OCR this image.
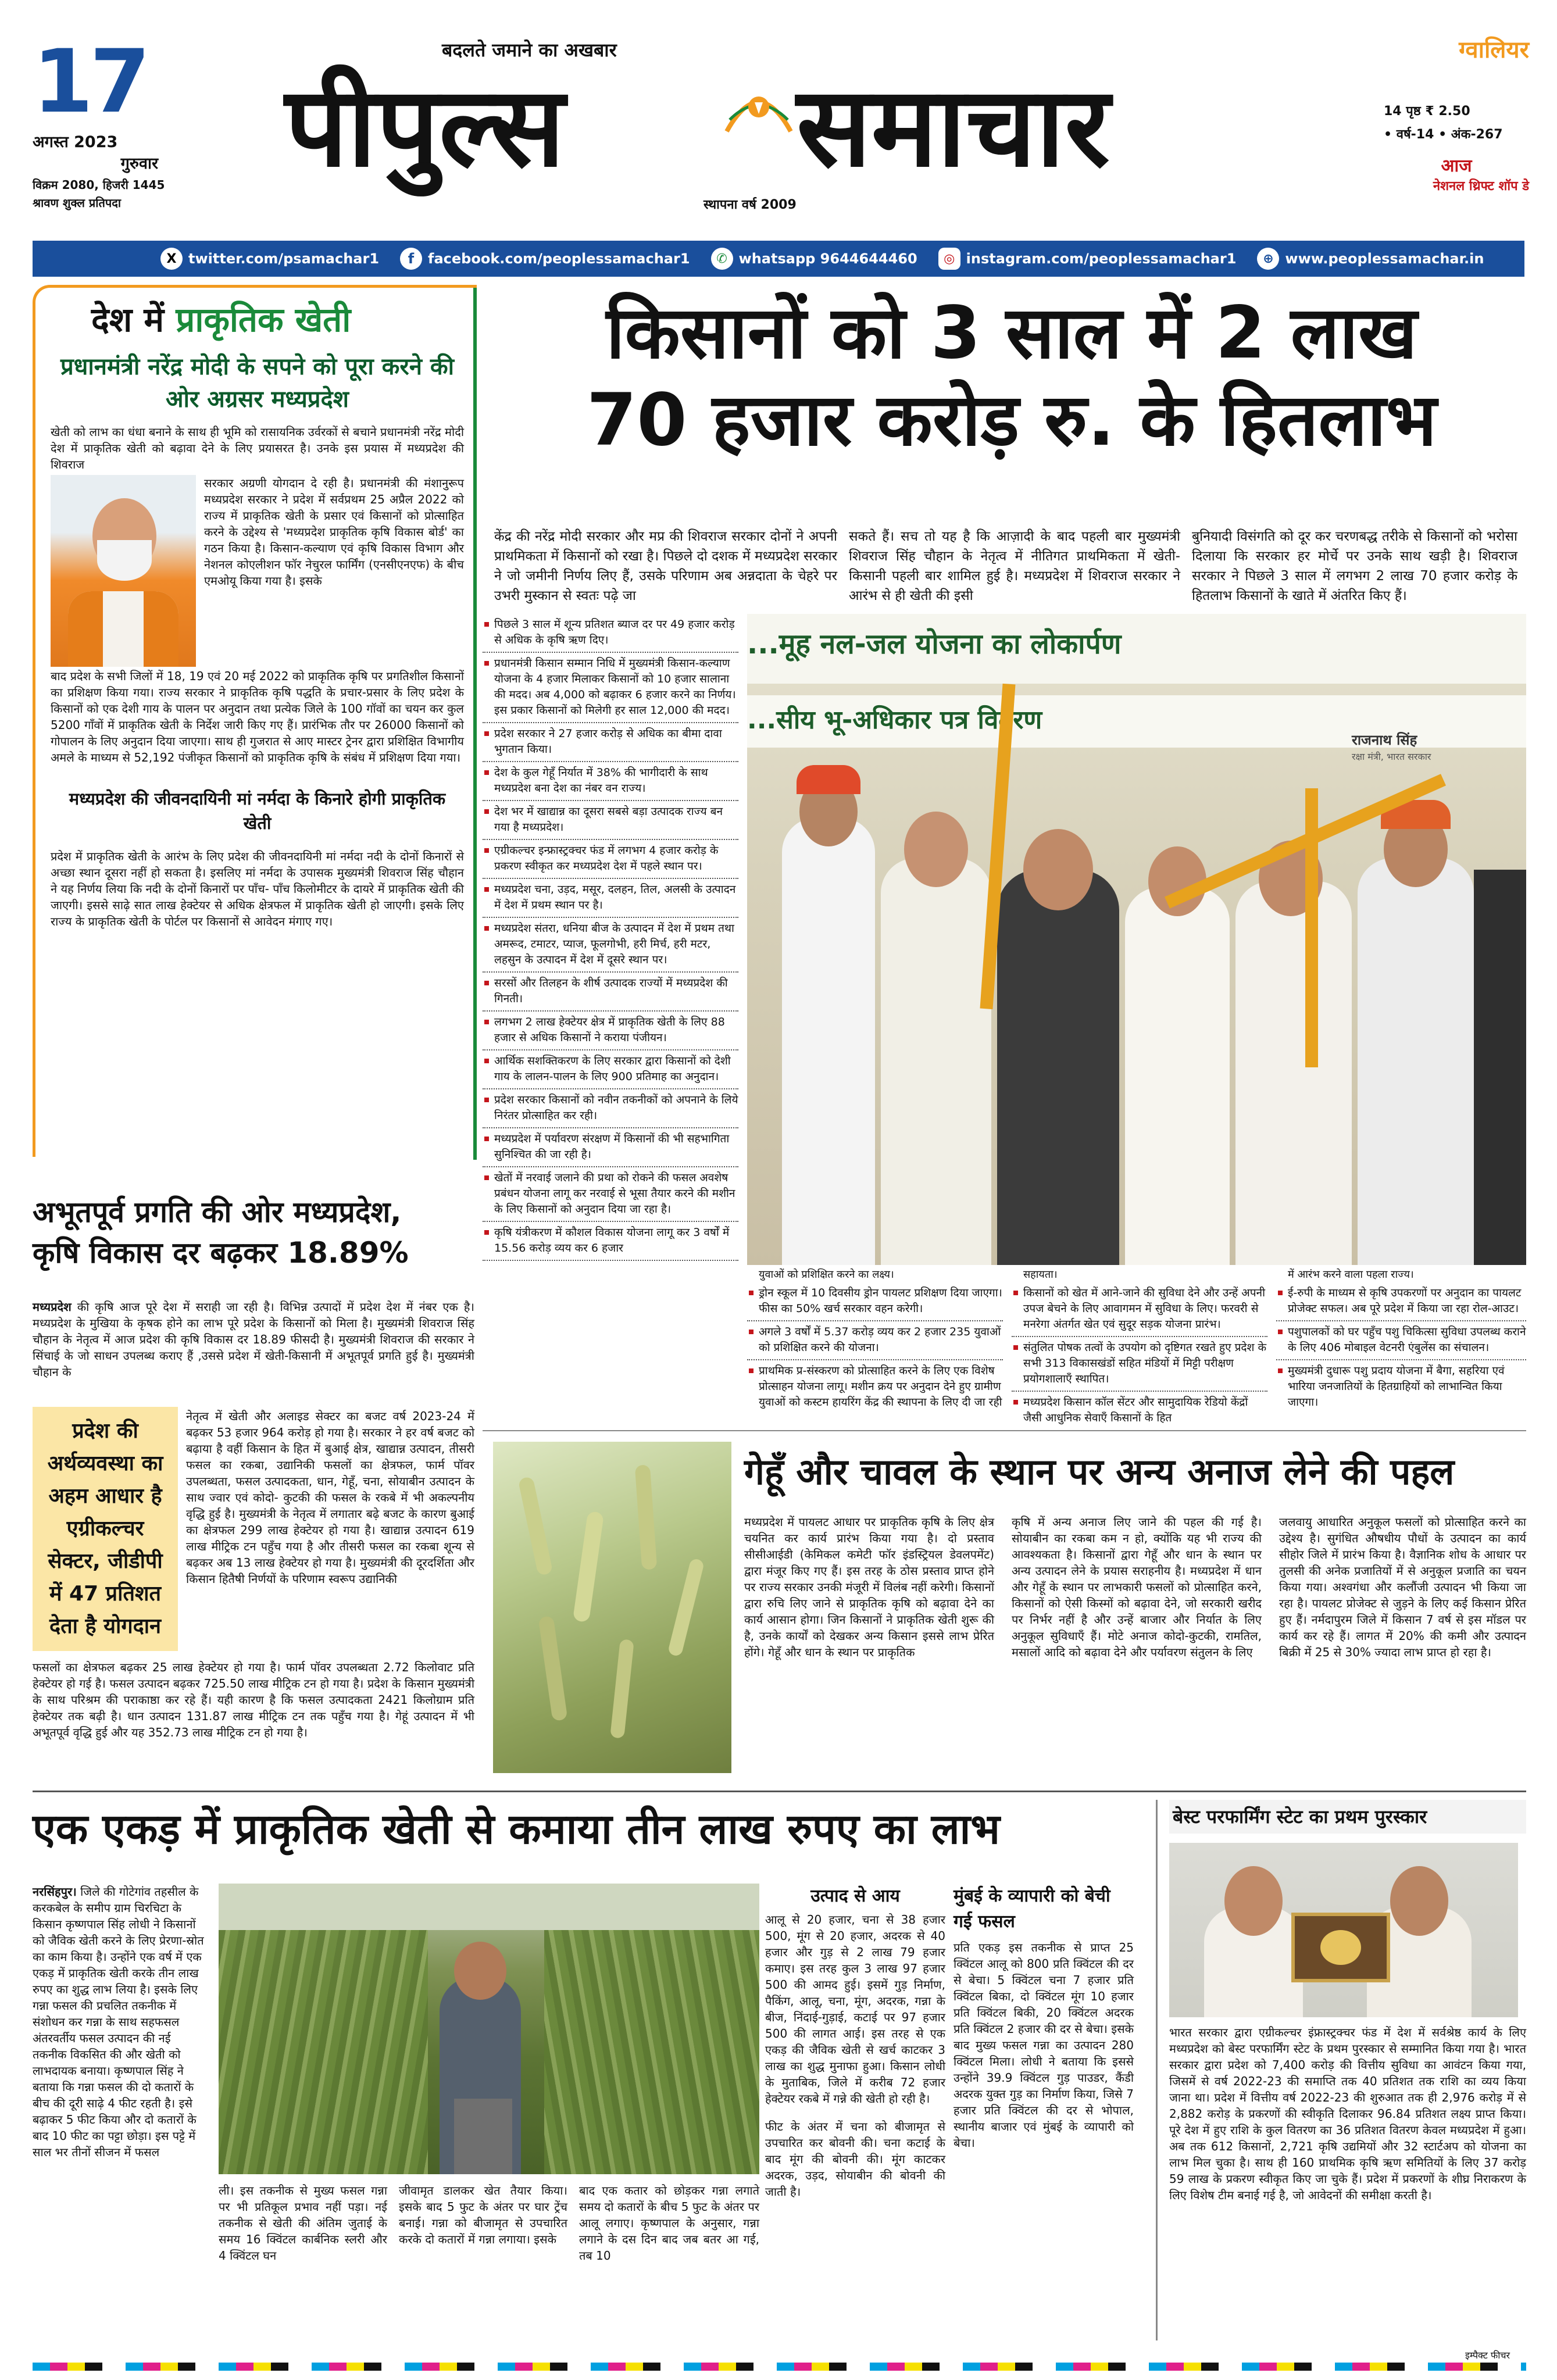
17
अगस्त 2023
गुरुवार
विक्रम 2080, हिजरी 1445
श्रावण शुक्ल प्रतिपदा
बदलते जमाने का अखबार
पीपुल्स समाचार
स्थापना वर्ष 2009
ग्वालियर
14 पृष्ठ ₹ 2.50
• वर्ष-14 • अंक-267
आज
नेशनल थ्रिफ्ट शॉप डे
X twitter.com/psamachar1	f facebook.com/peoplessamachar1	✆ whatsapp 9644644460	◎ instagram.com/peoplessamachar1	⊕ www.peoplessamachar.in
देश में प्राकृतिक खेती
प्रधानमंत्री नरेंद्र मोदी के सपने को पूरा करने की ओर अग्रसर मध्यप्रदेश

खेती को लाभ का धंधा बनाने के साथ ही भूमि को रासायनिक उर्वरकों से बचाने प्रधानमंत्री नरेंद्र मोदी देश में प्राकृतिक खेती को बढ़ावा देने के लिए प्रयासरत है। उनके इस प्रयास में मध्यप्रदेश की शिवराज

सरकार अग्रणी योगदान दे रही है। प्रधानमंत्री की मंशानुरूप मध्यप्रदेश सरकार ने प्रदेश में सर्वप्रथम 25 अप्रैल 2022 को राज्य में प्राकृतिक खेती के प्रसार एवं किसानों को प्रोत्साहित करने के उद्देश्य से 'मध्यप्रदेश प्राकृतिक कृषि विकास बोर्ड' का गठन किया है। किसान-कल्याण एवं कृषि विकास विभाग और नेशनल कोएलीशन फॉर नेचुरल फार्मिंग (एनसीएनएफ) के बीच एमओयू किया गया है। इसके

बाद प्रदेश के सभी जिलों में 18, 19 एवं 20 मई 2022 को प्राकृतिक कृषि पर प्रगतिशील किसानों का प्रशिक्षण किया गया। राज्य सरकार ने प्राकृतिक कृषि पद्धति के प्रचार-प्रसार के लिए प्रदेश के किसानों को एक देशी गाय के पालन पर अनुदान तथा प्रत्येक जिले के 100 गॉवों का चयन कर कुल 5200 गाँवों में प्राकृतिक खेती के निर्देश जारी किए गए हैं। प्रारंभिक तौर पर 26000 किसानों को गोपालन के लिए अनुदान दिया जाएगा। साथ ही गुजरात से आए मास्टर ट्रेनर द्वारा प्रशिक्षित विभागीय अमले के माध्यम से 52,192 पंजीकृत किसानों को प्राकृतिक कृषि के संबंध में प्रशिक्षण दिया गया।

मध्यप्रदेश की जीवनदायिनी मां नर्मदा के किनारे होगी प्राकृतिक खेती

प्रदेश में प्राकृतिक खेती के आरंभ के लिए प्रदेश की जीवनदायिनी मां नर्मदा नदी के दोनों किनारों से अच्छा स्थान दूसरा नहीं हो सकता है। इसलिए मां नर्मदा के उपासक मुख्यमंत्री शिवराज सिंह चौहान ने यह निर्णय लिया कि नदी के दोनों किनारों पर पाँच- पाँच किलोमीटर के दायरे में प्राकृतिक खेती की जाएगी। इससे साढ़े सात लाख हेक्टेयर से अधिक क्षेत्रफल में प्राकृतिक खेती हो जाएगी। इसके लिए राज्य के प्राकृतिक खेती के पोर्टल पर किसानों से आवेदन मंगाए गए।

किसानों को 3 साल में 2 लाख
70 हजार करोड़ रु. के हितलाभ

केंद्र की नरेंद्र मोदी सरकार और मप्र की शिवराज सरकार दोनों ने अपनी प्राथमिकता में किसानों को रखा है। पिछले दो दशक में मध्यप्रदेश सरकार ने जो जमीनी निर्णय लिए हैं, उसके परिणाम अब अन्नदाता के चेहरे पर उभरी मुस्कान से स्वतः पढ़े जा

सकते हैं। सच तो यह है कि आज़ादी के बाद पहली बार मुख्यमंत्री शिवराज सिंह चौहान के नेतृत्व में नीतिगत प्राथमिकता में खेती-किसानी पहली बार शामिल हुई है। मध्यप्रदेश में शिवराज सरकार ने आरंभ से ही खेती की इसी

बुनियादी विसंगति को दूर कर चरणबद्ध तरीके से किसानों को भरोसा दिलाया कि सरकार हर मोर्चे पर उनके साथ खड़ी है। शिवराज सरकार ने पिछले 3 साल में लगभग 2 लाख 70 हजार करोड़ के हितलाभ किसानों के खाते में अंतरित किए हैं।

पिछले 3 साल में शून्य प्रतिशत ब्याज दर पर 49 हजार करोड़ से अधिक के कृषि ऋण दिए।
प्रधानमंत्री किसान सम्मान निधि में मुख्यमंत्री किसान-कल्याण योजना के 4 हजार मिलाकर किसानों को 10 हजार सालाना की मदद। अब 4,000 को बढ़ाकर 6 हजार करने का निर्णय। इस प्रकार किसानों को मिलेगी हर साल 12,000 की मदद।
प्रदेश सरकार ने 27 हजार करोड़ से अधिक का बीमा दावा भुगतान किया।
देश के कुल गेहूँ निर्यात में 38% की भागीदारी के साथ मध्यप्रदेश बना देश का नंबर वन राज्य।
देश भर में खाद्यान्न का दूसरा सबसे बड़ा उत्पादक राज्य बन गया है मध्यप्रदेश।
एग्रीकल्चर इन्फ्रास्ट्रक्चर फंड में लगभग 4 हजार करोड़ के प्रकरण स्वीकृत कर मध्यप्रदेश देश में पहले स्थान पर।
मध्यप्रदेश चना, उड़द, मसूर, दलहन, तिल, अलसी के उत्पादन में देश में प्रथम स्थान पर है।
मध्यप्रदेश संतरा, धनिया बीज के उत्पादन में देश में प्रथम तथा अमरूद, टमाटर, प्याज, फूलगोभी, हरी मिर्च, हरी मटर, लहसुन के उत्पादन में देश में दूसरे स्थान पर।
सरसों और तिलहन के शीर्ष उत्पादक राज्यों में मध्यप्रदेश की गिनती।
लगभग 2 लाख हेक्टेयर क्षेत्र में प्राकृतिक खेती के लिए 88 हजार से अधिक किसानों ने कराया पंजीयन।
आर्थिक सशक्तिकरण के लिए सरकार द्वारा किसानों को देशी गाय के लालन-पालन के लिए 900 प्रतिमाह का अनुदान।
प्रदेश सरकार किसानों को नवीन तकनीकों को अपनाने के लिये निरंतर प्रोत्साहित कर रही।
मध्यप्रदेश में पर्यावरण संरक्षण में किसानों की भी सहभागिता सुनिश्चित की जा रही है।
खेतों में नरवाई जलाने की प्रथा को रोकने की फसल अवशेष प्रबंधन योजना लागू कर नरवाई से भूसा तैयार करने की मशीन के लिए किसानों को अनुदान दिया जा रहा है।
कृषि यंत्रीकरण में कौशल विकास योजना लागू कर 3 वर्षों में 15.56 करोड़ व्यय कर 6 हजार
...मूह नल-जल योजना का लोकार्पण
...सीय भू-अधिकार पत्र वितरण
राजनाथ सिंह
रक्षा मंत्री, भारत सरकार
युवाओं को प्रशिक्षित करने का लक्ष्य।
ड्रोन स्कूल में 10 दिवसीय ड्रोन पायलट प्रशिक्षण दिया जाएगा। फीस का 50% खर्च सरकार वहन करेगी।
अगले 3 वर्षों में 5.37 करोड़ व्यय कर 2 हजार 235 युवाओं को प्रशिक्षित करने की योजना।
प्राथमिक प्र-संस्करण को प्रोत्साहित करने के लिए एक विशेष प्रोत्साहन योजना लागू। मशीन क्रय पर अनुदान देने हुए ग्रामीण युवाओं को कस्टम हायरिंग केंद्र की स्थापना के लिए दी जा रही
सहायता।
किसानों को खेत में आने-जाने की सुविधा देने और उन्हें अपनी उपज बेचने के लिए आवागमन में सुविधा के लिए। फरवरी से मनरेगा अंतर्गत खेत एवं सुदूर सड़क योजना प्रारंभ।
संतुलित पोषक तत्वों के उपयोग को दृष्टिगत रखते हुए प्रदेश के सभी 313 विकासखंडों सहित मंडियों में मिट्टी परीक्षण प्रयोगशालाएँ स्थापित।
मध्यप्रदेश किसान कॉल सेंटर और सामुदायिक रेडियो केंद्रों जैसी आधुनिक सेवाएँ किसानों के हित
में आरंभ करने वाला पहला राज्य।
ई-रुपी के माध्यम से कृषि उपकरणों पर अनुदान का पायलट प्रोजेक्ट सफल। अब पूरे प्रदेश में किया जा रहा रोल-आउट।
पशुपालकों को घर पहुँच पशु चिकित्सा सुविधा उपलब्ध कराने के लिए 406 मोबाइल वेटनरी एंबुलेंस का संचालन।
मुख्यमंत्री दुधारू पशु प्रदाय योजना में बैगा, सहरिया एवं भारिया जनजातियों के हितग्राहियों को लाभान्वित किया जाएगा।
अभूतपूर्व प्रगति की ओर मध्यप्रदेश,
कृषि विकास दर बढ़कर 18.89%

मध्यप्रदेश की कृषि आज पूरे देश में सराही जा रही है। विभिन्न उत्पादों में प्रदेश देश में नंबर एक है। मध्यप्रदेश के मुखिया के कृषक होने का लाभ पूरे प्रदेश के किसानों को मिला है। मुख्यमंत्री शिवराज सिंह चौहान के नेतृत्व में आज प्रदेश की कृषि विकास दर 18.89 फीसदी है। मुख्यमंत्री शिवराज की सरकार ने सिंचाई के जो साधन उपलब्ध कराए हैं ,उससे प्रदेश में खेती-किसानी में अभूतपूर्व प्रगति हुई है। मुख्यमंत्री चौहान के

प्रदेश की अर्थव्यवस्था का अहम आधार है एग्रीकल्चर सेक्टर, जीडीपी में 47 प्रतिशत देता है योगदान

नेतृत्व में खेती और अलाइड सेक्टर का बजट वर्ष 2023-24 में बढ़कर 53 हजार 964 करोड़ हो गया है। सरकार ने हर वर्ष बजट को बढ़ाया है वहीं किसान के हित में बुआई क्षेत्र, खाद्यान्न उत्पादन, तीसरी फसल का रकबा, उद्यानिकी फसलों का क्षेत्रफल, फार्म पॉवर उपलब्धता, फसल उत्पादकता, धान, गेहूँ, चना, सोयाबीन उत्पादन के साथ ज्वार एवं कोदो- कुटकी की फसल के रकबे में भी अकल्पनीय वृद्धि हुई है। मुख्यमंत्री के नेतृत्व में लगातार बढ़े बजट के कारण बुआई का क्षेत्रफल 299 लाख हेक्टेयर हो गया है। खाद्यान्न उत्पादन 619 लाख मीट्रिक टन पहुँच गया है और तीसरी फसल का रकबा शून्य से बढ़कर अब 13 लाख हेक्टेयर हो गया है। मुख्यमंत्री की दूरदर्शिता और किसान हितैषी निर्णयों के परिणाम स्वरूप उद्यानिकी

फसलों का क्षेत्रफल बढ़कर 25 लाख हेक्टेयर हो गया है। फार्म पॉवर उपलब्धता 2.72 किलोवाट प्रति हेक्टेयर हो गई है। फसल उत्पादन बढ़कर 725.50 लाख मीट्रिक टन हो गया है। प्रदेश के किसान मुख्यमंत्री के साथ परिश्रम की पराकाष्ठा कर रहे हैं। यही कारण है कि फसल उत्पादकता 2421 किलोग्राम प्रति हेक्टेयर तक बढ़ी है। धान उत्पादन 131.87 लाख मीट्रिक टन तक पहुँच गया है। गेहूं उत्पादन में भी अभूतपूर्व वृद्धि हुई और यह 352.73 लाख मीट्रिक टन हो गया है।

गेहूँ और चावल के स्थान पर अन्य अनाज लेने की पहल

मध्यप्रदेश में पायलट आधार पर प्राकृतिक कृषि के लिए क्षेत्र चयनित कर कार्य प्रारंभ किया गया है। दो प्रस्ताव सीसीआईडी (केमिकल कमेटी फॉर इंडस्ट्रियल डेवलपमेंट) द्वारा मंजूर किए गए हैं। इस तरह के ठोस प्रस्ताव प्राप्त होने पर राज्य सरकार उनकी मंजूरी में विलंब नहीं करेगी। किसानों द्वारा रुचि लिए जाने से प्राकृतिक कृषि को बढ़ावा देने का कार्य आसान होगा। जिन किसानों ने प्राकृतिक खेती शुरू की है, उनके कार्यों को देखकर अन्य किसान इससे लाभ प्रेरित होंगे। गेहूँ और धान के स्थान पर प्राकृतिक

कृषि में अन्य अनाज लिए जाने की पहल की गई है। सोयाबीन का रकबा कम न हो, क्योंकि यह भी राज्य की आवश्यकता है। किसानों द्वारा गेहूँ और धान के स्थान पर अन्य उत्पादन लेने के प्रयास सराहनीय है। मध्यप्रदेश में धान और गेहूँ के स्थान पर लाभकारी फसलों को प्रोत्साहित करने, किसानों को ऐसी किस्मों को बढ़ावा देने, जो सरकारी खरीद पर निर्भर नहीं है और उन्हें बाजार और निर्यात के लिए अनुकूल सुविधाएँ हैं। मोटे अनाज कोदो-कुटकी, रामतिल, मसालों आदि को बढ़ावा देने और पर्यावरण संतुलन के लिए

जलवायु आधारित अनुकूल फसलों को प्रोत्साहित करने का उद्देश्य है। सुगंधित औषधीय पौधों के उत्पादन का कार्य सीहोर जिले में प्रारंभ किया है। वैज्ञानिक शोध के आधार पर तुलसी की अनेक प्रजातियों में से अनुकूल प्रजाति का चयन किया गया। अश्वगंधा और कलौंजी उत्पादन भी किया जा रहा है। पायलट प्रोजेक्ट से जुड़ने के लिए कई किसान प्रेरित हुए हैं। नर्मदापुरम जिले में किसान 7 वर्ष से इस मॉडल पर कार्य कर रहे हैं। लागत में 20% की कमी और उत्पादन बिक्री में 25 से 30% ज्यादा लाभ प्राप्त हो रहा है।

एक एकड़ में प्राकृतिक खेती से कमाया तीन लाख रुपए का लाभ

नरसिंहपुर। जिले की गोटेगांव तहसील के करकबेल के समीप ग्राम चिरचिटा के किसान कृष्णपाल सिंह लोधी ने किसानों को जैविक खेती करने के लिए प्रेरणा-स्रोत का काम किया है। उन्होंने एक वर्ष में एक एकड़ में प्राकृतिक खेती करके तीन लाख रुपए का शुद्ध लाभ लिया है। इसके लिए गन्ना फसल की प्रचलित तकनीक में संशोधन कर गन्ना के साथ सहफसल अंतरवर्तीय फसल उत्पादन की नई तकनीक विकसित की और खेती को लाभदायक बनाया। कृष्णपाल सिंह ने बताया कि गन्ना फसल की दो कतारों के बीच की दूरी साढ़े 4 फीट रहती है। इसे बढ़ाकर 5 फीट किया और दो कतारों के बाद 10 फीट का पट्टा छोड़ा। इस पट्टे में साल भर तीनों सीजन में फसल

ली। इस तकनीक से मुख्य फसल गन्ना पर भी प्रतिकूल प्रभाव नहीं पड़ा। नई तकनीक से खेती की अंतिम जुताई के समय 16 क्विंटल कार्बनिक स्लरी और 4 क्विंटल घन

जीवामृत डालकर खेत तैयार किया। इसके बाद 5 फुट के अंतर पर घार ट्रेंच बनाई। गन्ना को बीजामृत से उपचारित करके दो कतारों में गन्ना लगाया। इसके

बाद एक कतार को छोड़कर गन्ना लगाते समय दो कतारों के बीच 5 फुट के अंतर पर आलू लगाए। कृष्णपाल के अनुसार, गन्ना लगाने के दस दिन बाद जब बतर आ गई, तब 10

उत्पाद से आय

आलू से 20 हजार, चना से 38 हजार 500, मूंग से 20 हजार, अदरक से 40 हजार और गुड़ से 2 लाख 79 हजार कमाए। इस तरह कुल 3 लाख 97 हजार 500 की आमद हुई। इसमें गुड़ निर्माण, पैकिंग, आलू, चना, मूंग, अदरक, गन्ना के बीज, निंदाई-गुड़ाई, कटाई पर 97 हजार 500 की लागत आई। इस तरह से एक एकड़ की जैविक खेती से खर्च काटकर 3 लाख का शुद्ध मुनाफा हुआ। किसान लोधी के मुताबिक, जिले में करीब 72 हजार हेक्टेयर रकबे में गन्ने की खेती हो रही है।

फीट के अंतर में चना को बीजामृत से उपचारित कर बोवनी की। चना कटाई के बाद मूंग की बोवनी की। मूंग काटकर अदरक, उड़द, सोयाबीन की बोवनी की जाती है।

मुंबई के व्यापारी को बेची गई फसल

प्रति एकड़ इस तकनीक से प्राप्त 25 क्विंटल आलू को 800 प्रति क्विंटल की दर से बेचा। 5 क्विंटल चना 7 हजार प्रति क्विंटल बिका, दो क्विंटल मूंग 10 हजार प्रति क्विंटल बिकी, 20 क्विंटल अदरक प्रति क्विंटल 2 हजार की दर से बेचा। इसके बाद मुख्य फसल गन्ना का उत्पादन 280 क्विंटल मिला। लोधी ने बताया कि इससे उन्होंने 39.9 क्विंटल गुड़ पाउडर, कैंडी अदरक युक्त गुड़ का निर्माण किया, जिसे 7 हजार प्रति क्विंटल की दर से भोपाल, स्थानीय बाजार एवं मुंबई के व्यापारी को बेचा।

बेस्ट परफार्मिंग स्टेट का प्रथम पुरस्कार

भारत सरकार द्वारा एग्रीकल्चर इंफ्रास्ट्रक्चर फंड में देश में सर्वश्रेष्ठ कार्य के लिए मध्यप्रदेश को बेस्ट परफार्मिंग स्टेट के प्रथम पुरस्कार से सम्मानित किया गया है। भारत सरकार द्वारा प्रदेश को 7,400 करोड़ की वित्तीय सुविधा का आवंटन किया गया, जिसमें से वर्ष 2022-23 की समाप्ति तक 40 प्रतिशत तक राशि का व्यय किया जाना था। प्रदेश में वित्तीय वर्ष 2022-23 की शुरुआत तक ही 2,976 करोड़ में से 2,882 करोड़ के प्रकरणों की स्वीकृति दिलाकर 96.84 प्रतिशत लक्ष्य प्राप्त किया। पूरे देश में हुए राशि के कुल वितरण का 36 प्रतिशत वितरण केवल मध्यप्रदेश में हुआ। अब तक 612 किसानों, 2,721 कृषि उद्यमियों और 32 स्टार्टअप को योजना का लाभ मिल चुका है। साथ ही 160 प्राथमिक कृषि ऋण समितियों के लिए 37 करोड़ 59 लाख के प्रकरण स्वीकृत किए जा चुके हैं। प्रदेश में प्रकरणों के शीघ्र निराकरण के लिए विशेष टीम बनाई गई है, जो आवेदनों की समीक्षा करती है।

इम्पैक्ट फीचर
